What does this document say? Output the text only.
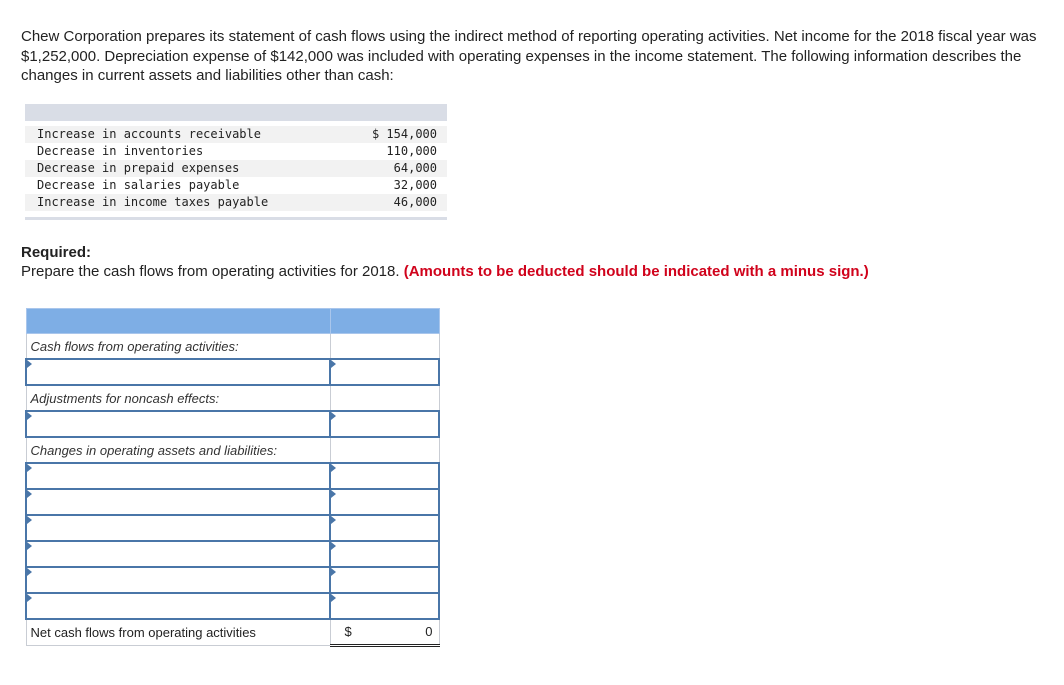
Chew Corporation prepares its statement of cash flows using the indirect method of reporting operating activities. Net income for the 2018 fiscal year was $1,252,000. Depreciation expense of $142,000 was included with operating expenses in the income statement. The following information describes the changes in current assets and liabilities other than cash:

Increase in accounts receivable	$ 154,000
Decrease in inventories	110,000
Decrease in prepaid expenses	64,000
Decrease in salaries payable	32,000
Increase in income taxes payable	46,000

Required:
Prepare the cash flows from operating activities for 2018. (Amounts to be deducted should be indicated with a minus sign.)

Cash flows from operating activities:	

Adjustments for noncash effects:	

Changes in operating assets and liabilities:	

Net cash flows from operating activities	$ 0
